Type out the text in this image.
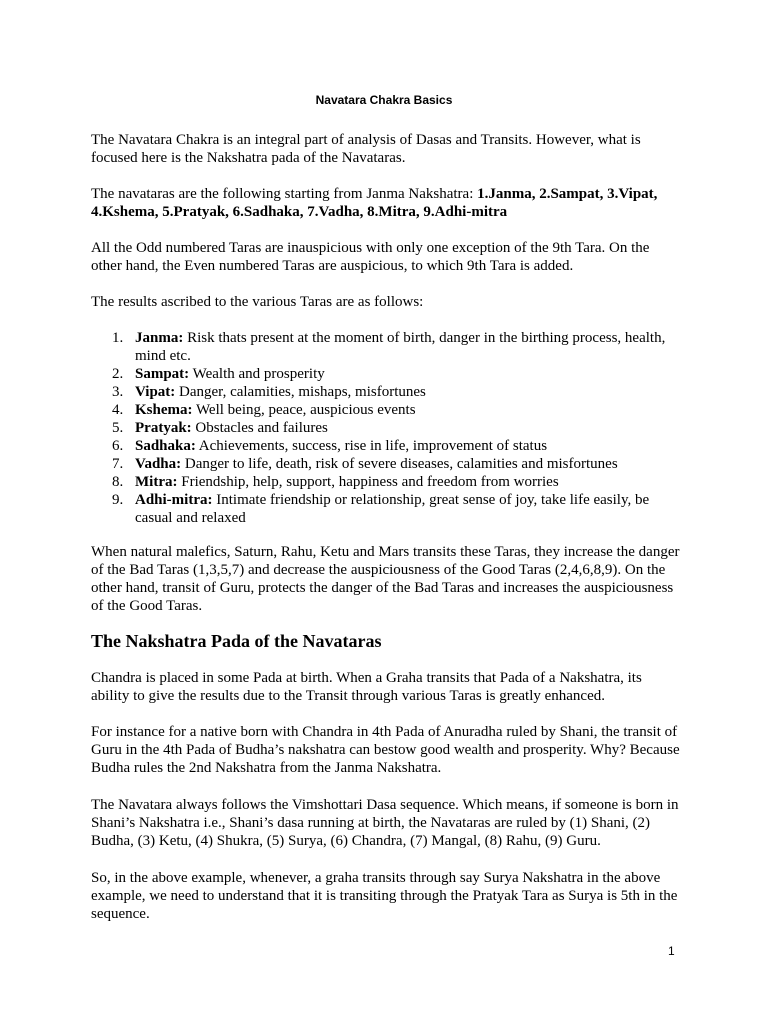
Navatara Chakra Basics

The Navatara Chakra is an integral part of analysis of Dasas and Transits. However, what is focused here is the Nakshatra pada of the Navataras.

The navataras are the following starting from Janma Nakshatra: 1.Janma, 2.Sampat, 3.Vipat, 4.Kshema, 5.Pratyak, 6.Sadhaka, 7.Vadha, 8.Mitra, 9.Adhi-mitra

All the Odd numbered Taras are inauspicious with only one exception of the 9th Tara. On the other hand, the Even numbered Taras are auspicious, to which 9th Tara is added.

The results ascribed to the various Taras are as follows:

1. Janma: Risk thats present at the moment of birth, danger in the birthing process, health, mind etc.
2. Sampat: Wealth and prosperity
3. Vipat: Danger, calamities, mishaps, misfortunes
4. Kshema: Well being, peace, auspicious events
5. Pratyak: Obstacles and failures
6. Sadhaka: Achievements, success, rise in life, improvement of status
7. Vadha: Danger to life, death, risk of severe diseases, calamities and misfortunes
8. Mitra: Friendship, help, support, happiness and freedom from worries
9. Adhi-mitra: Intimate friendship or relationship, great sense of joy, take life easily, be casual and relaxed

When natural malefics, Saturn, Rahu, Ketu and Mars transits these Taras, they increase the danger of the Bad Taras (1,3,5,7) and decrease the auspiciousness of the Good Taras (2,4,6,8,9). On the other hand, transit of Guru, protects the danger of the Bad Taras and increases the auspiciousness of the Good Taras.

The Nakshatra Pada of the Navataras

Chandra is placed in some Pada at birth. When a Graha transits that Pada of a Nakshatra, its ability to give the results due to the Transit through various Taras is greatly enhanced.

For instance for a native born with Chandra in 4th Pada of Anuradha ruled by Shani, the transit of Guru in the 4th Pada of Budha’s nakshatra can bestow good wealth and prosperity. Why? Because Budha rules the 2nd Nakshatra from the Janma Nakshatra.

The Navatara always follows the Vimshottari Dasa sequence. Which means, if someone is born in Shani’s Nakshatra i.e., Shani’s dasa running at birth, the Navataras are ruled by (1) Shani, (2) Budha, (3) Ketu, (4) Shukra, (5) Surya, (6) Chandra, (7) Mangal, (8) Rahu, (9) Guru.

So, in the above example, whenever, a graha transits through say Surya Nakshatra in the above example, we need to understand that it is transiting through the Pratyak Tara as Surya is 5th in the sequence.

1
